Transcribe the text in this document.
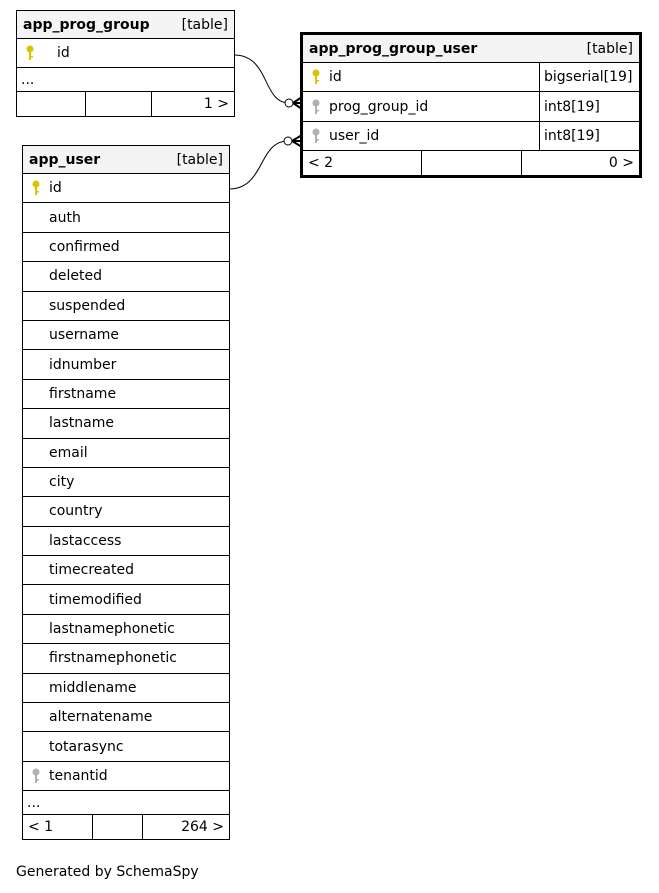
app_prog_group [table]
id
...
1 >
app_prog_group_user	[table]
id	bigserial[19]
prog_group_id	int8[19]
user_id	int8[19]
< 2	0 >
app_user	[table]
id
auth
confirmed
deleted
suspended
username
idnumber
firstname
lastname
email
city
country
lastaccess
timecreated
timemodified
lastnamephonetic
firstnamephonetic
middlename
alternatename
totarasync
tenantid
...
< 1	264 >
Generated by SchemaSpy
